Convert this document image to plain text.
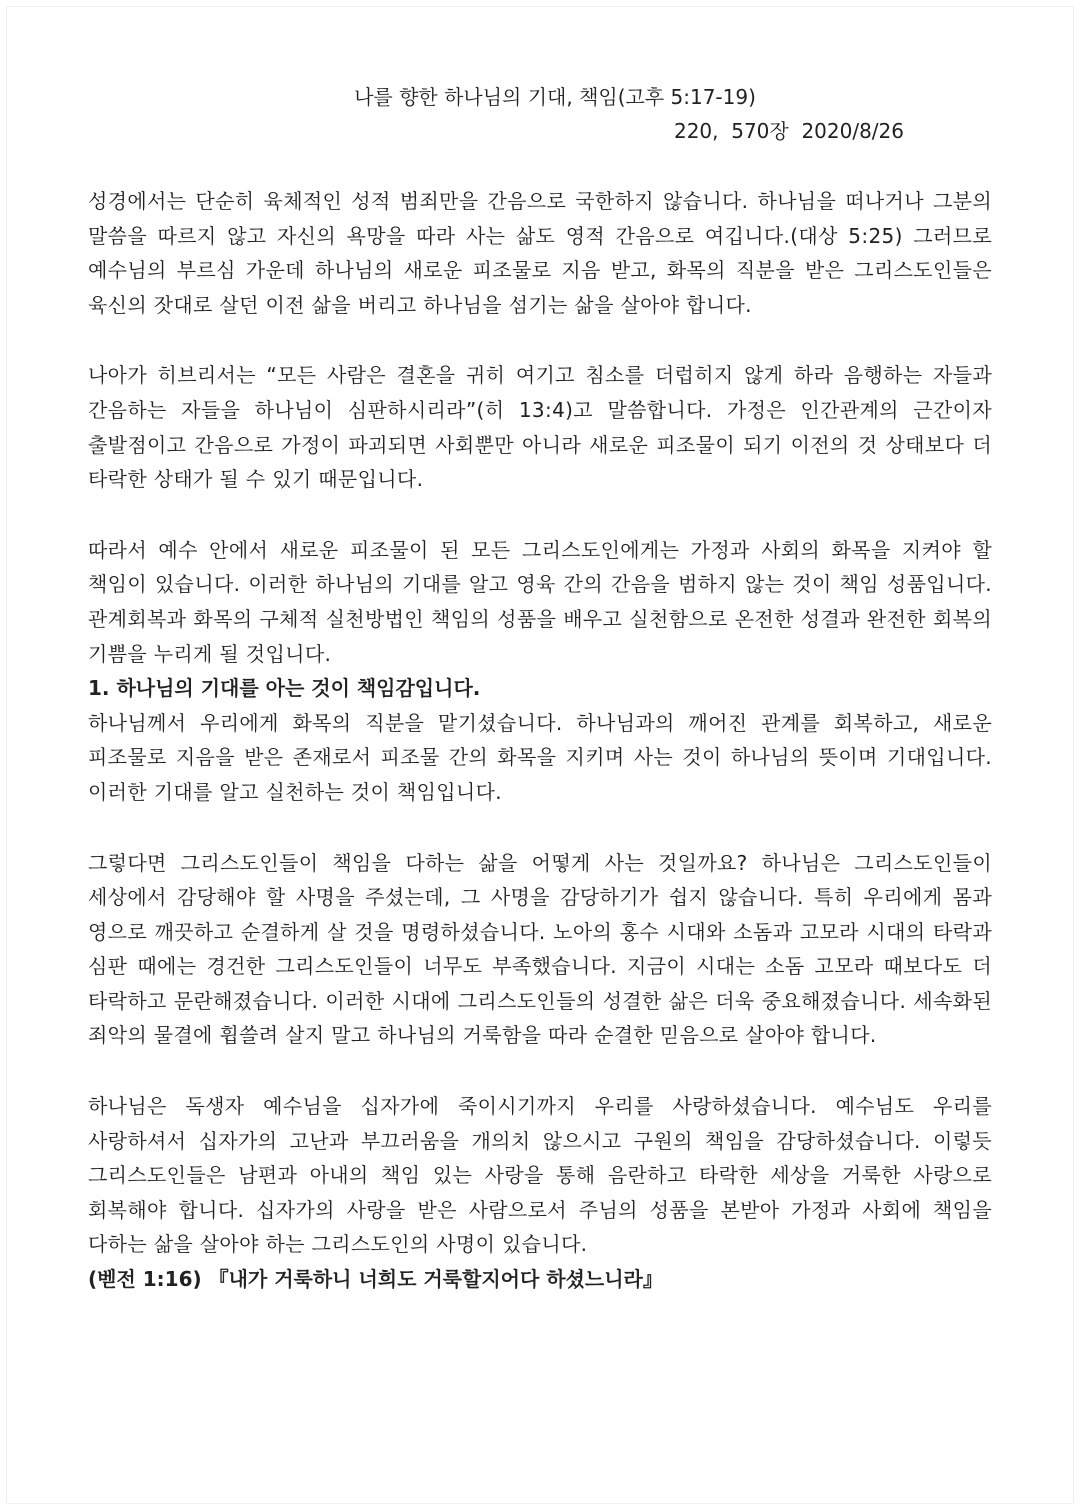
나를 향한 하나님의 기대, 책임(고후 5:17-19)

220,  570장  2020/8/26

성경에서는 단순히 육체적인 성적 범죄만을 간음으로 국한하지 않습니다. 하나님을 떠나거나 그분의 말씀을 따르지 않고 자신의 욕망을 따라 사는 삶도 영적 간음으로 여깁니다.(대상 5:25) 그러므로 예수님의 부르심 가운데 하나님의 새로운 피조물로 지음 받고, 화목의 직분을 받은 그리스도인들은 육신의 잣대로 살던 이전 삶을 버리고 하나님을 섬기는 삶을 살아야 합니다.

나아가 히브리서는 “모든 사람은 결혼을 귀히 여기고 침소를 더럽히지 않게 하라 음행하는 자들과 간음하는 자들을 하나님이 심판하시리라”(히 13:4)고 말씀합니다. 가정은 인간관계의 근간이자 출발점이고 간음으로 가정이 파괴되면 사회뿐만 아니라 새로운 피조물이 되기 이전의 것 상태보다 더 타락한 상태가 될 수 있기 때문입니다.

따라서 예수 안에서 새로운 피조물이 된 모든 그리스도인에게는 가정과 사회의 화목을 지켜야 할 책임이 있습니다. 이러한 하나님의 기대를 알고 영육 간의 간음을 범하지 않는 것이 책임 성품입니다. 관계회복과 화목의 구체적 실천방법인 책임의 성품을 배우고 실천함으로 온전한 성결과 완전한 회복의 기쁨을 누리게 될 것입니다.

1. 하나님의 기대를 아는 것이 책임감입니다.

하나님께서 우리에게 화목의 직분을 맡기셨습니다. 하나님과의 깨어진 관계를 회복하고, 새로운 피조물로 지음을 받은 존재로서 피조물 간의 화목을 지키며 사는 것이 하나님의 뜻이며 기대입니다. 이러한 기대를 알고 실천하는 것이 책임입니다.

그렇다면 그리스도인들이 책임을 다하는 삶을 어떻게 사는 것일까요? 하나님은 그리스도인들이 세상에서 감당해야 할 사명을 주셨는데, 그 사명을 감당하기가 쉽지 않습니다. 특히 우리에게 몸과 영으로 깨끗하고 순결하게 살 것을 명령하셨습니다. 노아의 홍수 시대와 소돔과 고모라 시대의 타락과 심판 때에는 경건한 그리스도인들이 너무도 부족했습니다. 지금이 시대는 소돔 고모라 때보다도 더 타락하고 문란해졌습니다. 이러한 시대에 그리스도인들의 성결한 삶은 더욱 중요해졌습니다. 세속화된 죄악의 물결에 휩쓸려 살지 말고 하나님의 거룩함을 따라 순결한 믿음으로 살아야 합니다.

하나님은 독생자 예수님을 십자가에 죽이시기까지 우리를 사랑하셨습니다. 예수님도 우리를 사랑하셔서 십자가의 고난과 부끄러움을 개의치 않으시고 구원의 책임을 감당하셨습니다. 이렇듯 그리스도인들은 남편과 아내의 책임 있는 사랑을 통해 음란하고 타락한 세상을 거룩한 사랑으로 회복해야 합니다. 십자가의 사랑을 받은 사람으로서 주님의 성품을 본받아 가정과 사회에 책임을 다하는 삶을 살아야 하는 그리스도인의 사명이 있습니다.

(벧전 1:16) 『내가 거룩하니 너희도 거룩할지어다 하셨느니라』
